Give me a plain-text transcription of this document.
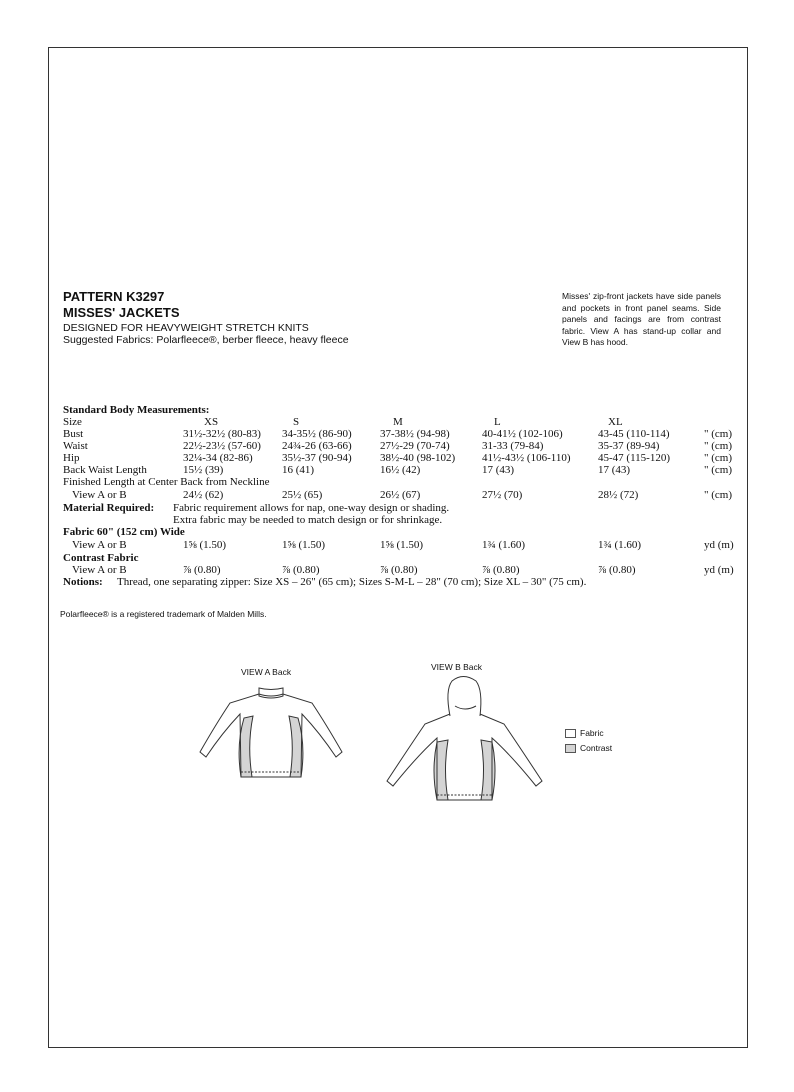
PATTERN K3297
MISSES' JACKETS
DESIGNED FOR HEAVYWEIGHT STRETCH KNITS
Suggested Fabrics: Polarfleece®, berber fleece, heavy fleece
Misses' zip-front jackets have side panels and pockets in front panel seams. Side panels and facings are from contrast fabric. View A has stand-up collar and View B has hood.
Standard Body Measurements:
Size	XS	S	M	L	XL
Bust	31½-32½ (80-83) 34-35½ (86-90)	37-38½ (94-98)	40-41½ (102-106)	43-45 (110-114)	" (cm)
Waist	22½-23½ (57-60) 24¾-26 (63-66)	27½-29 (70-74)	31-33 (79-84)	35-37 (89-94)	" (cm)
Hip	32¼-34 (82-86)	35½-37 (90-94)	38½-40 (98-102) 41½-43½ (106-110)	45-47 (115-120)	" (cm)
Back Waist Length	15½ (39)	16 (41)	16½ (42)	17 (43)	17 (43)	" (cm)
Finished Length at Center Back from Neckline
View A or B	24½ (62)	25½ (65)	26½ (67)	27½ (70)	28½ (72)	" (cm)
Material Required: Fabric requirement allows for nap, one-way design or shading.
Extra fabric may be needed to match design or for shrinkage.
Fabric 60" (152 cm) Wide
View A or B	1⅝ (1.50)	1⅝ (1.50)	1⅝ (1.50)	1¾ (1.60)	1¾ (1.60)	yd (m)
Contrast Fabric
View A or B	⅞ (0.80)	⅞ (0.80)	⅞ (0.80)	⅞ (0.80)	⅞ (0.80)	yd (m)
Notions: Thread, one separating zipper: Size XS – 26" (65 cm); Sizes S-M-L – 28" (70 cm); Size XL – 30" (75 cm).
Polarfleece® is a registered trademark of Malden Mills.
VIEW A Back	VIEW B Back
Fabric
Contrast
